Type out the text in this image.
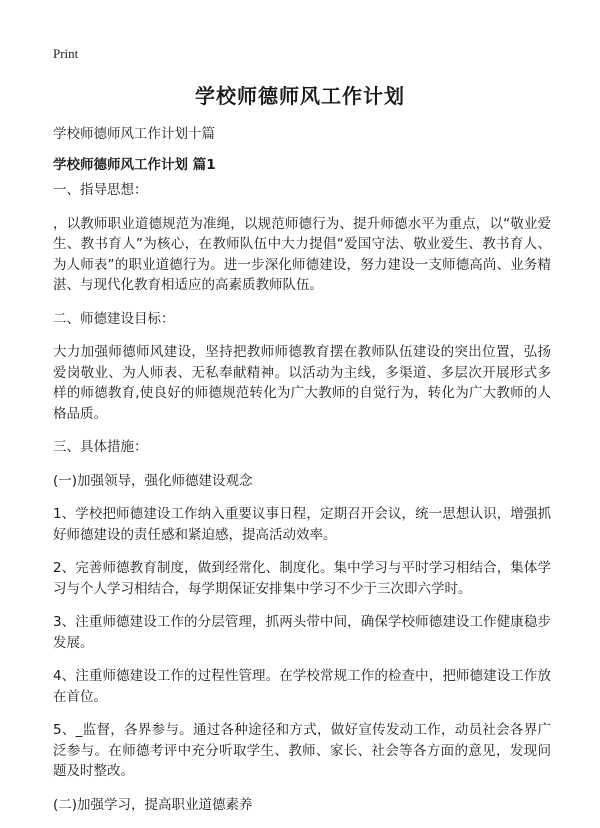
Print
学校师德师风工作计划
学校师德师风工作计划十篇
学校师德师风工作计划 篇1

一、指导思想：

，以教师职业道德规范为准绳，以规范师德行为、提升师德水平为重点，以“敬业爱生、教书育人”为核心，在教师队伍中大力提倡“爱国守法、敬业爱生、教书育人、为人师表”的职业道德行为。进一步深化师德建设，努力建设一支师德高尚、业务精湛、与现代化教育相适应的高素质教师队伍。

二、师德建设目标：

大力加强师德师风建设，坚持把教师师德教育摆在教师队伍建设的突出位置，弘扬爱岗敬业、为人师表、无私奉献精神。以活动为主线，多渠道、多层次开展形式多样的师德教育,使良好的师德规范转化为广大教师的自觉行为，转化为广大教师的人格品质。

三、具体措施：

(一)加强领导，强化师德建设观念

1、学校把师德建设工作纳入重要议事日程，定期召开会议，统一思想认识，增强抓好师德建设的责任感和紧迫感，提高活动效率。

2、完善师德教育制度，做到经常化、制度化。集中学习与平时学习相结合，集体学习与个人学习相结合，每学期保证安排集中学习不少于三次即六学时。

3、注重师德建设工作的分层管理，抓两头带中间，确保学校师德建设工作健康稳步发展。

4、注重师德建设工作的过程性管理。在学校常规工作的检查中，把师德建设工作放在首位。

5、_监督，各界参与。通过各种途径和方式，做好宣传发动工作，动员社会各界广泛参与。在师德考评中充分听取学生、教师、家长、社会等各方面的意见，发现问题及时整改。

(二)加强学习，提高职业道德素养
